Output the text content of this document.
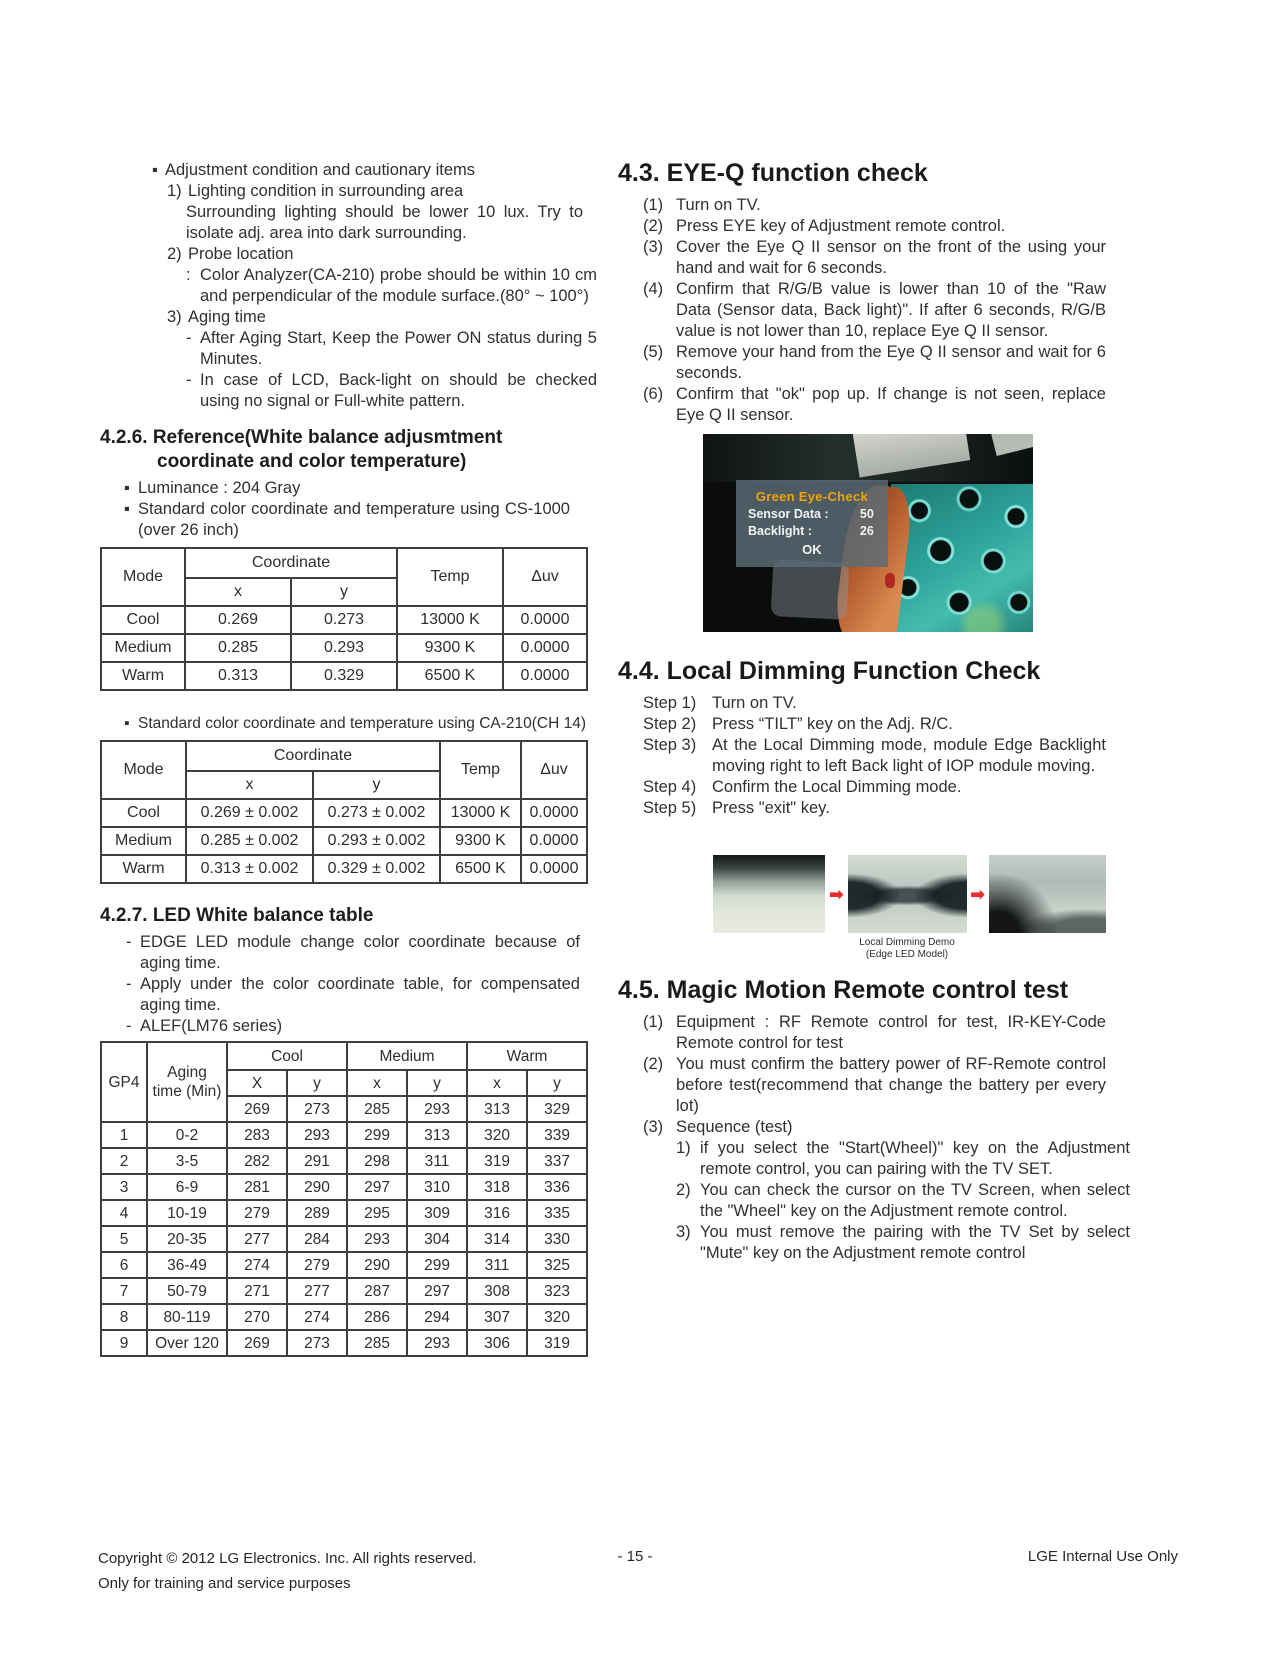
▪ Adjustment condition and cautionary items
1) Lighting condition in surrounding area
Surrounding lighting should be lower 10 lux. Try to isolate adj. area into dark surrounding.
2) Probe location
: Color Analyzer(CA-210) probe should be within 10 cm and perpendicular of the module surface.(80° ~ 100°)
3) Aging time
- After Aging Start, Keep the Power ON status during 5 Minutes.
- In case of LCD, Back-light on should be checked using no signal or Full-white pattern.
4.2.6. Reference(White balance adjusmtment coordinate and color temperature)
▪ Luminance : 204 Gray
▪ Standard color coordinate and temperature using CS-1000 (over 26 inch)
Mode	Coordinate		Temp	Δuv
	x	y		
Cool	0.269	0.273	13000 K	0.0000
Medium	0.285	0.293	9300 K	0.0000
Warm	0.313	0.329	6500 K	0.0000
▪ Standard color coordinate and temperature using CA-210(CH 14)
Mode	Coordinate		Temp	Δuv
	x	y		
Cool	0.269 ± 0.002	0.273 ± 0.002	13000 K	0.0000
Medium	0.285 ± 0.002	0.293 ± 0.002	9300 K	0.0000
Warm	0.313 ± 0.002	0.329 ± 0.002	6500 K	0.0000
4.2.7. LED White balance table
- EDGE LED module change color coordinate because of aging time.
- Apply under the color coordinate table, for compensated aging time.
- ALEF(LM76 series)
GP4	Aging time (Min)	Cool		Medium		Warm	
		X	y	x	y	x	y
		269	273	285	293	313	329
1	0-2	283	293	299	313	320	339
2	3-5	282	291	298	311	319	337
3	6-9	281	290	297	310	318	336
4	10-19	279	289	295	309	316	335
5	20-35	277	284	293	304	314	330
6	36-49	274	279	290	299	311	325
7	50-79	271	277	287	297	308	323
8	80-119	270	274	286	294	307	320
9	Over 120	269	273	285	293	306	319
4.3. EYE-Q function check
(1) Turn on TV.
(2) Press EYE key of Adjustment remote control.
(3) Cover the Eye Q II sensor on the front of the using your hand and wait for 6 seconds.
(4) Confirm that R/G/B value is lower than 10 of the "Raw Data (Sensor data, Back light)". If after 6 seconds, R/G/B value is not lower than 10, replace Eye Q II sensor.
(5) Remove your hand from the Eye Q II sensor and wait for 6 seconds.
(6) Confirm that "ok" pop up. If change is not seen, replace Eye Q II sensor.
Green Eye-Check
Sensor Data :	50
Backlight :	26
OK
4.4. Local Dimming Function Check
Step 1) Turn on TV.
Step 2) Press “TILT” key on the Adj. R/C.
Step 3) At the Local Dimming mode, module Edge Backlight moving right to left Back light of IOP module moving.
Step 4) Confirm the Local Dimming mode.
Step 5) Press "exit" key.
➡
Local Dimming Demo
(Edge LED Model)
➡
4.5. Magic Motion Remote control test
(1) Equipment : RF Remote control for test, IR-KEY-Code Remote control for test
(2) You must confirm the battery power of RF-Remote control before test(recommend that change the battery per every lot)
(3) Sequence (test)
1) if you select the "Start(Wheel)" key on the Adjustment remote control, you can pairing with the TV SET.
2) You can check the cursor on the TV Screen, when select the "Wheel" key on the Adjustment remote control.
3) You must remove the pairing with the TV Set by select "Mute" key on the Adjustment remote control
Copyright © 2012 LG Electronics. Inc. All rights reserved.
Only for training and service purposes
- 15 -	LGE Internal Use Only
